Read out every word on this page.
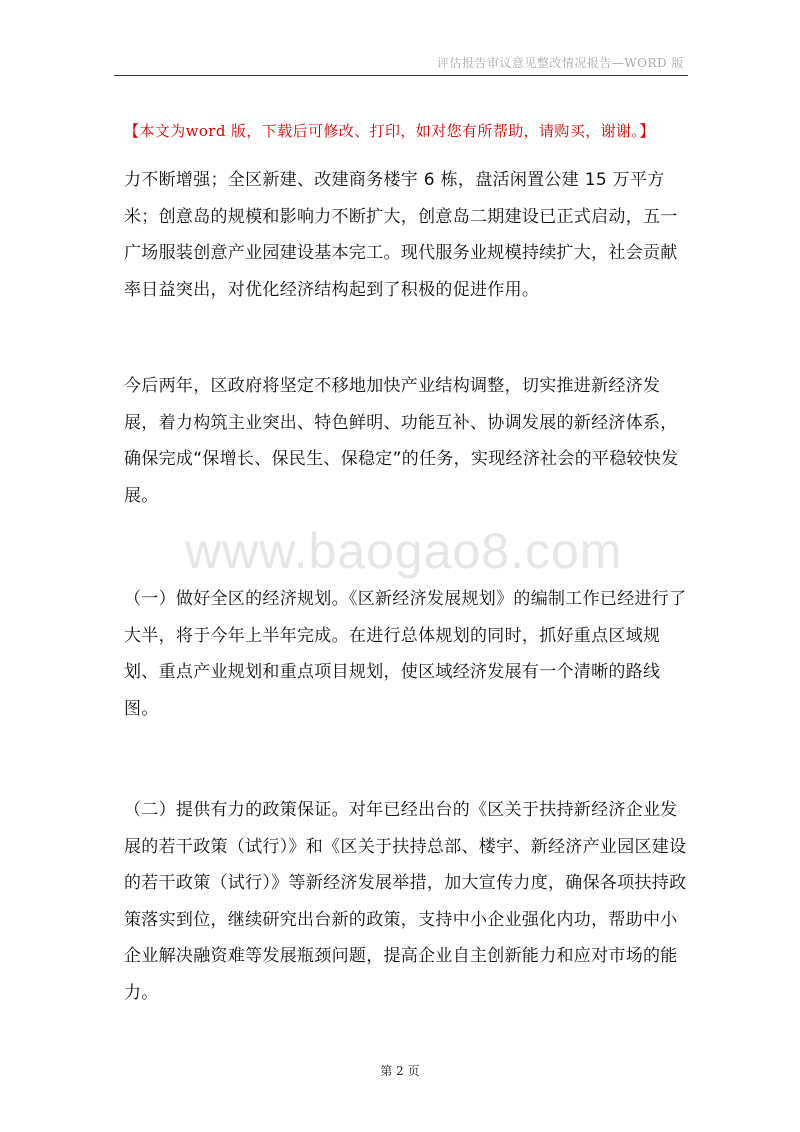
评估报告审议意见整改情况报告—WORD 版
【本文为word 版，下载后可修改、打印，如对您有所帮助，请购买，谢谢。】
www.baogao8.com

力不断增强；全区新建、改建商务楼宇 6 栋，盘活闲置公建 15 万平方米；创意岛的规模和影响力不断扩大，创意岛二期建设已正式启动，五一广场服装创意产业园建设基本完工。现代服务业规模持续扩大，社会贡献率日益突出，对优化经济结构起到了积极的促进作用。

今后两年，区政府将坚定不移地加快产业结构调整，切实推进新经济发展，着力构筑主业突出、特色鲜明、功能互补、协调发展的新经济体系，确保完成“保增长、保民生、保稳定”的任务，实现经济社会的平稳较快发展。

（一）做好全区的经济规划。《区新经济发展规划》的编制工作已经进行了大半，将于今年上半年完成。在进行总体规划的同时，抓好重点区域规划、重点产业规划和重点项目规划，使区域经济发展有一个清晰的路线图。

（二）提供有力的政策保证。对年已经出台的《区关于扶持新经济企业发展的若干政策（试行）》和《区关于扶持总部、楼宇、新经济产业园区建设的若干政策（试行）》等新经济发展举措，加大宣传力度，确保各项扶持政策落实到位，继续研究出台新的政策，支持中小企业强化内功，帮助中小企业解决融资难等发展瓶颈问题，提高企业自主创新能力和应对市场的能力。

第 2 页
